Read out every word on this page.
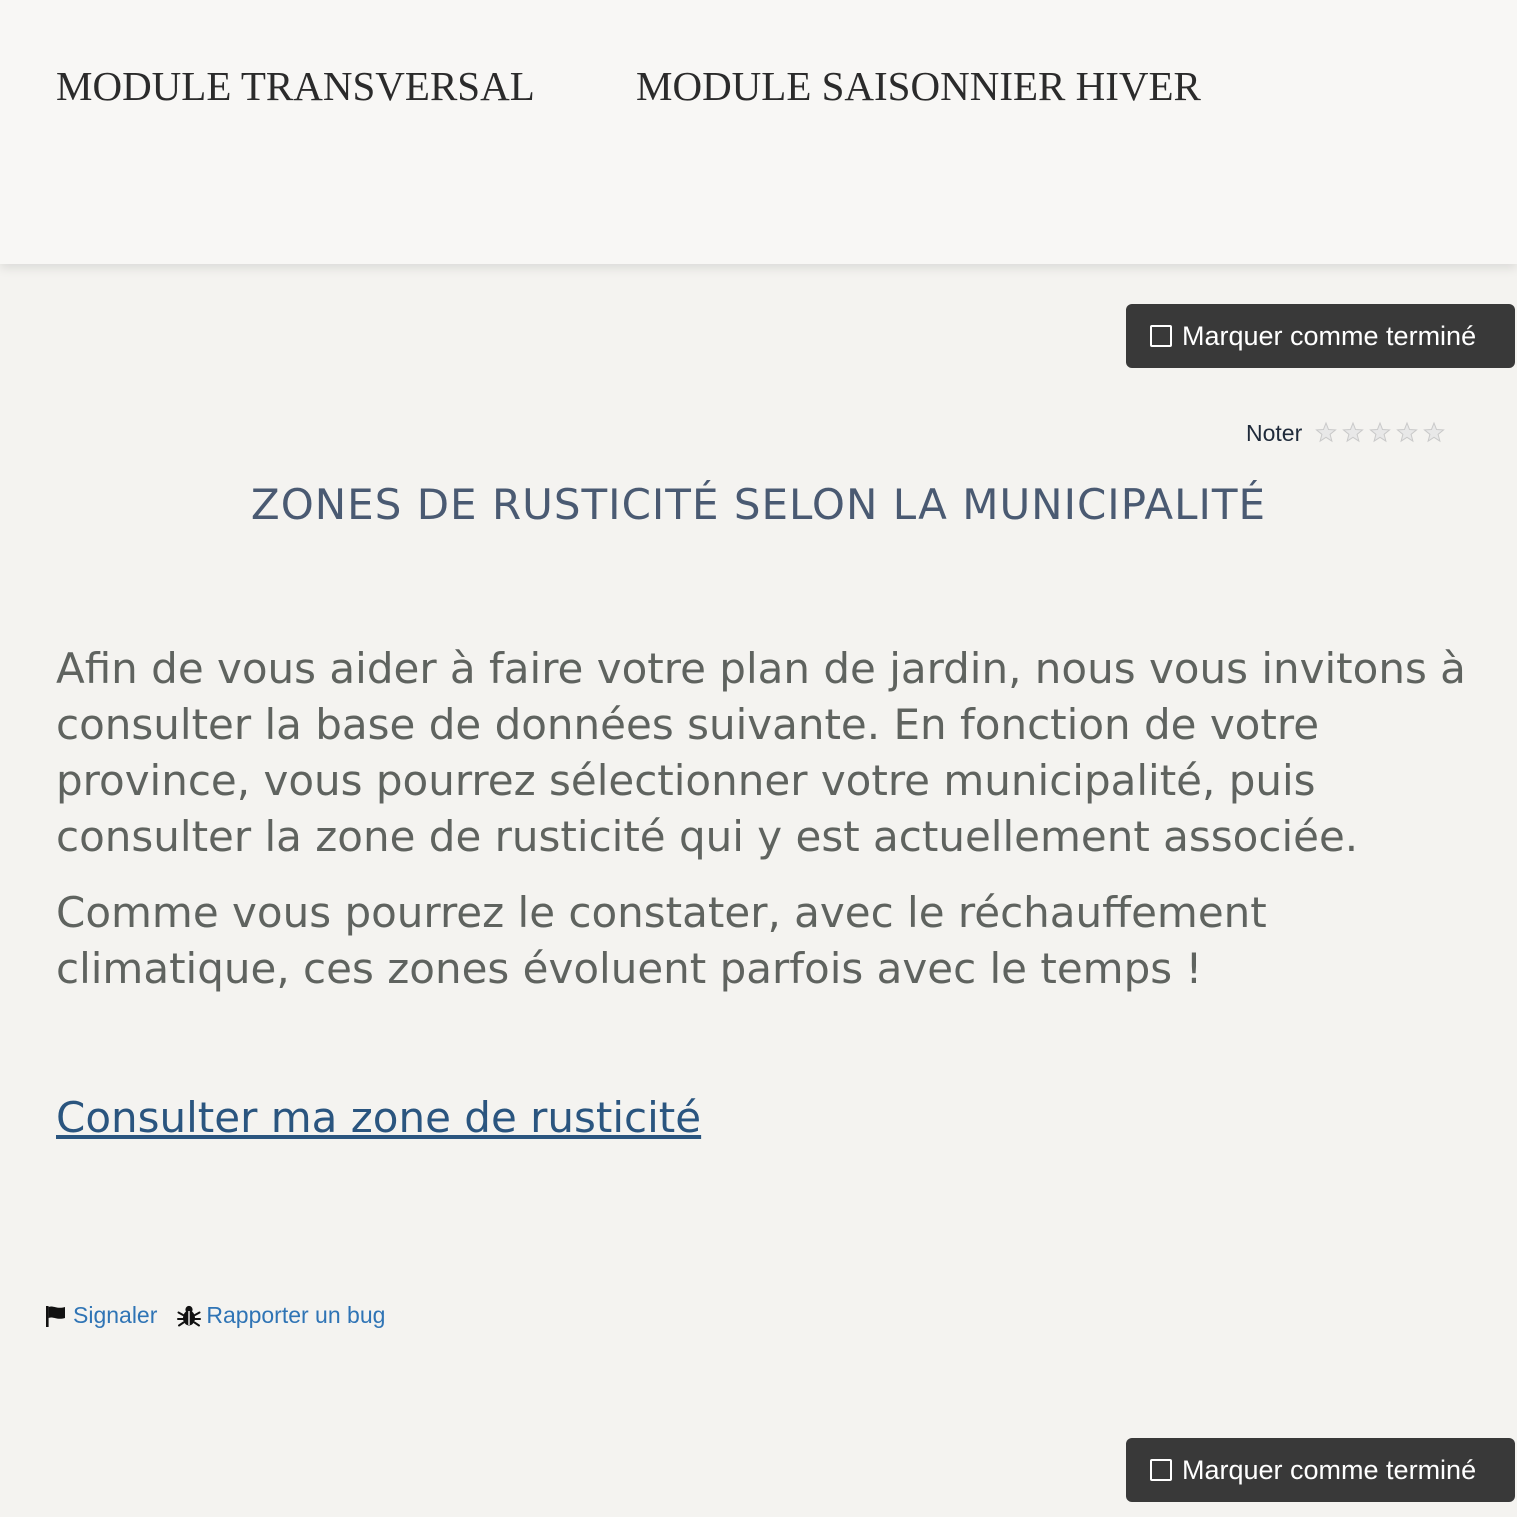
MODULE TRANSVERSAL MODULE SAISONNIER HIVER
Marquer comme terminé
Noter
ZONES DE RUSTICITÉ SELON LA MUNICIPALITÉ

Afin de vous aider à faire votre plan de jardin, nous vous invitons à consulter la base de données suivante. En fonction de votre province, vous pourrez sélectionner votre municipalité, puis consulter la zone de rusticité qui y est actuellement associée.

Comme vous pourrez le constater, avec le réchauffement climatique, ces zones évoluent parfois avec le temps !

Consulter ma zone de rusticité
Signaler Rapporter un bug
Marquer comme terminé
